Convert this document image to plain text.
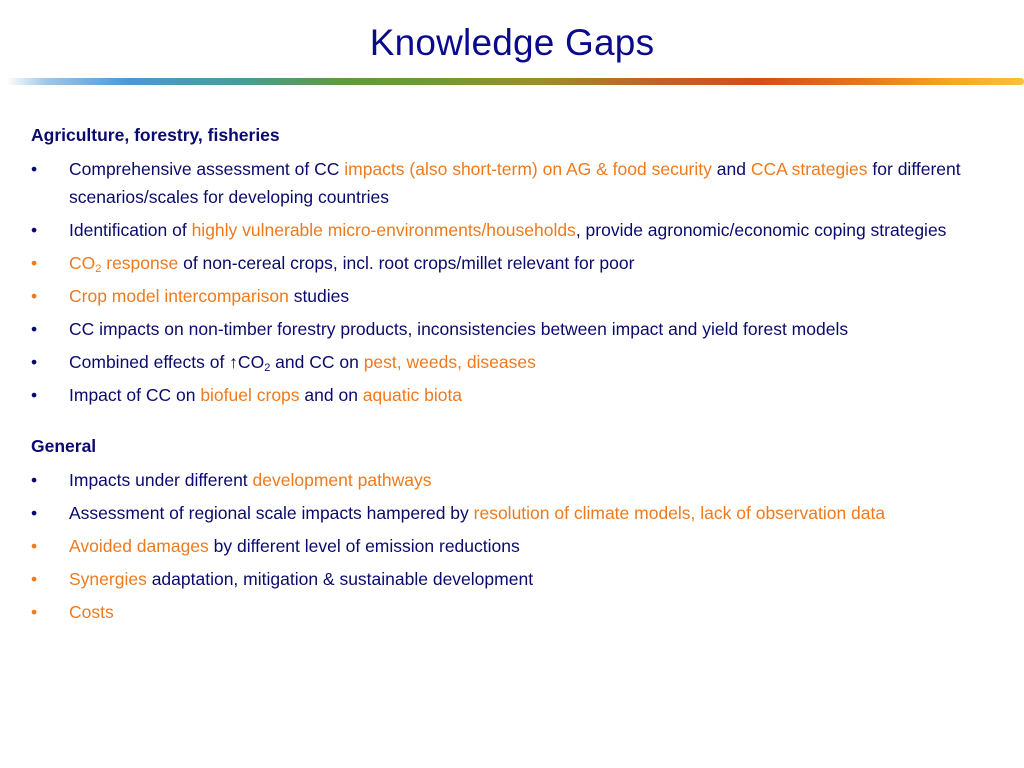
Knowledge Gaps
Agriculture, forestry, fisheries
•	Comprehensive assessment of CC impacts (also short-term) on AG & food security and CCA strategies for different scenarios/scales for developing countries
•	Identification of highly vulnerable micro-environments/households, provide agronomic/economic coping strategies
•	$CO_2$ response of non-cereal crops, incl. root crops/millet relevant for poor
•	Crop model intercomparison studies
•	CC impacts on non-timber forestry products, inconsistencies between impact and yield forest models
•	Combined effects of $↑CO_2$ and CC on pest, weeds, diseases
•	Impact of CC on biofuel crops and on aquatic biota
General
•	Impacts under different development pathways
•	Assessment of regional scale impacts hampered by resolution of climate models, lack of observation data
•	Avoided damages by different level of emission reductions
•	Synergies adaptation, mitigation & sustainable development
•	Costs
